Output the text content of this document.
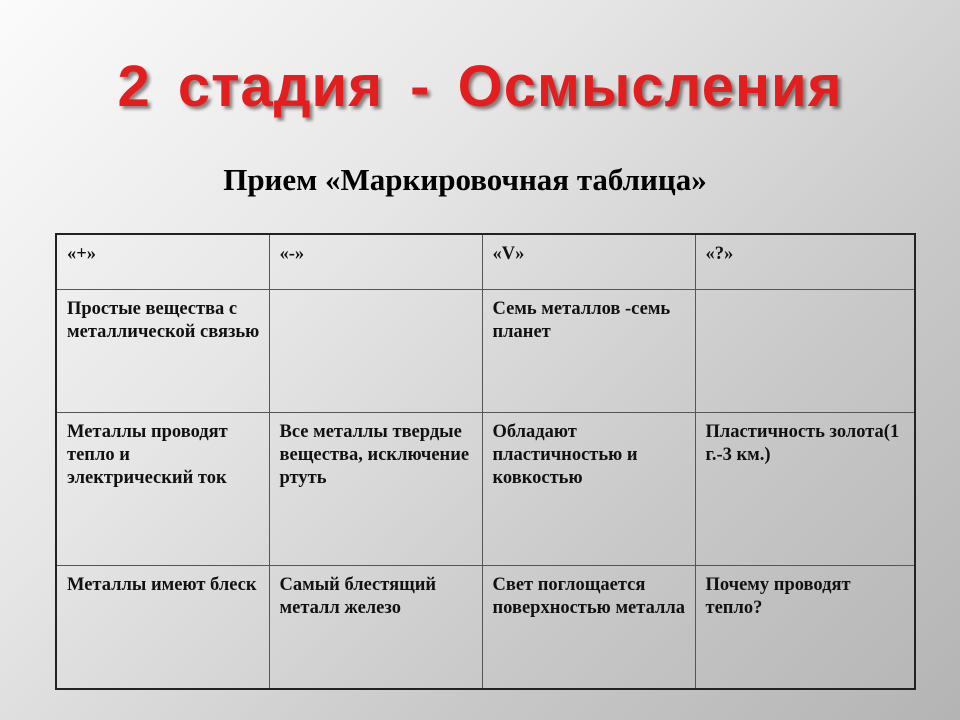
2 стадия - Осмысления
Прием «Маркировочная таблица»
«+»	«-»	«V»	«?»
Простые вещества с металлической связью		Семь металлов -семь планет	
Металлы проводят тепло и электрический ток	Все металлы твердые вещества, исключение ртуть	Обладают пластичностью и ковкостью	Пластичность золота(1 г.-3 км.)
Металлы имеют блеск	Самый блестящий металл железо	Свет поглощается поверхностью металла	Почему проводят тепло?
